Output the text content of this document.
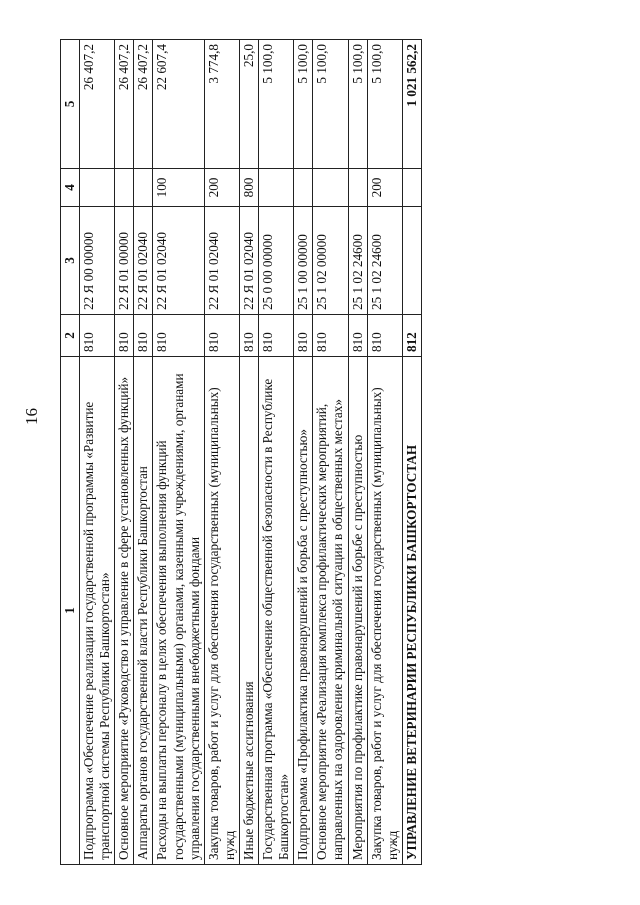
16
1	2	3	4	5
Подпрограмма «Обеспечение реализации государственной программы «Развитие транспортной системы Республики Башкортостан»	810	22 Я 00 00000		26 407,2
Основное мероприятие «Руководство и управление в сфере установленных функций»	810	22 Я 01 00000		26 407,2
Аппараты органов государственной власти Республики Башкортостан	810	22 Я 01 02040		26 407,2
Расходы на выплаты персоналу в целях обеспечения выполнения функций государственными (муниципальными) органами, казенными учреждениями, органами управления государственными внебюджетными фондами	810	22 Я 01 02040	100	22 607,4
Закупка товаров, работ и услуг для обеспечения государственных (муниципальных) нужд	810	22 Я 01 02040	200	3 774,8
Иные бюджетные ассигнования	810	22 Я 01 02040	800	25,0
Государственная программа «Обеспечение общественной безопасности в Республике Башкортостан»	810	25 0 00 00000		5 100,0
Подпрограмма «Профилактика правонарушений и борьба с преступностью»	810	25 1 00 00000		5 100,0
Основное мероприятие «Реализация комплекса профилактических мероприятий, направленных на оздоровление криминальной ситуации в общественных местах»	810	25 1 02 00000		5 100,0
Мероприятия по профилактике правонарушений и борьбе с преступностью	810	25 1 02 24600		5 100,0
Закупка товаров, работ и услуг для обеспечения государственных (муниципальных) нужд	810	25 1 02 24600	200	5 100,0
УПРАВЛЕНИЕ ВЕТЕРИНАРИИ РЕСПУБЛИКИ БАШКОРТОСТАН	812			1 021 562,2
